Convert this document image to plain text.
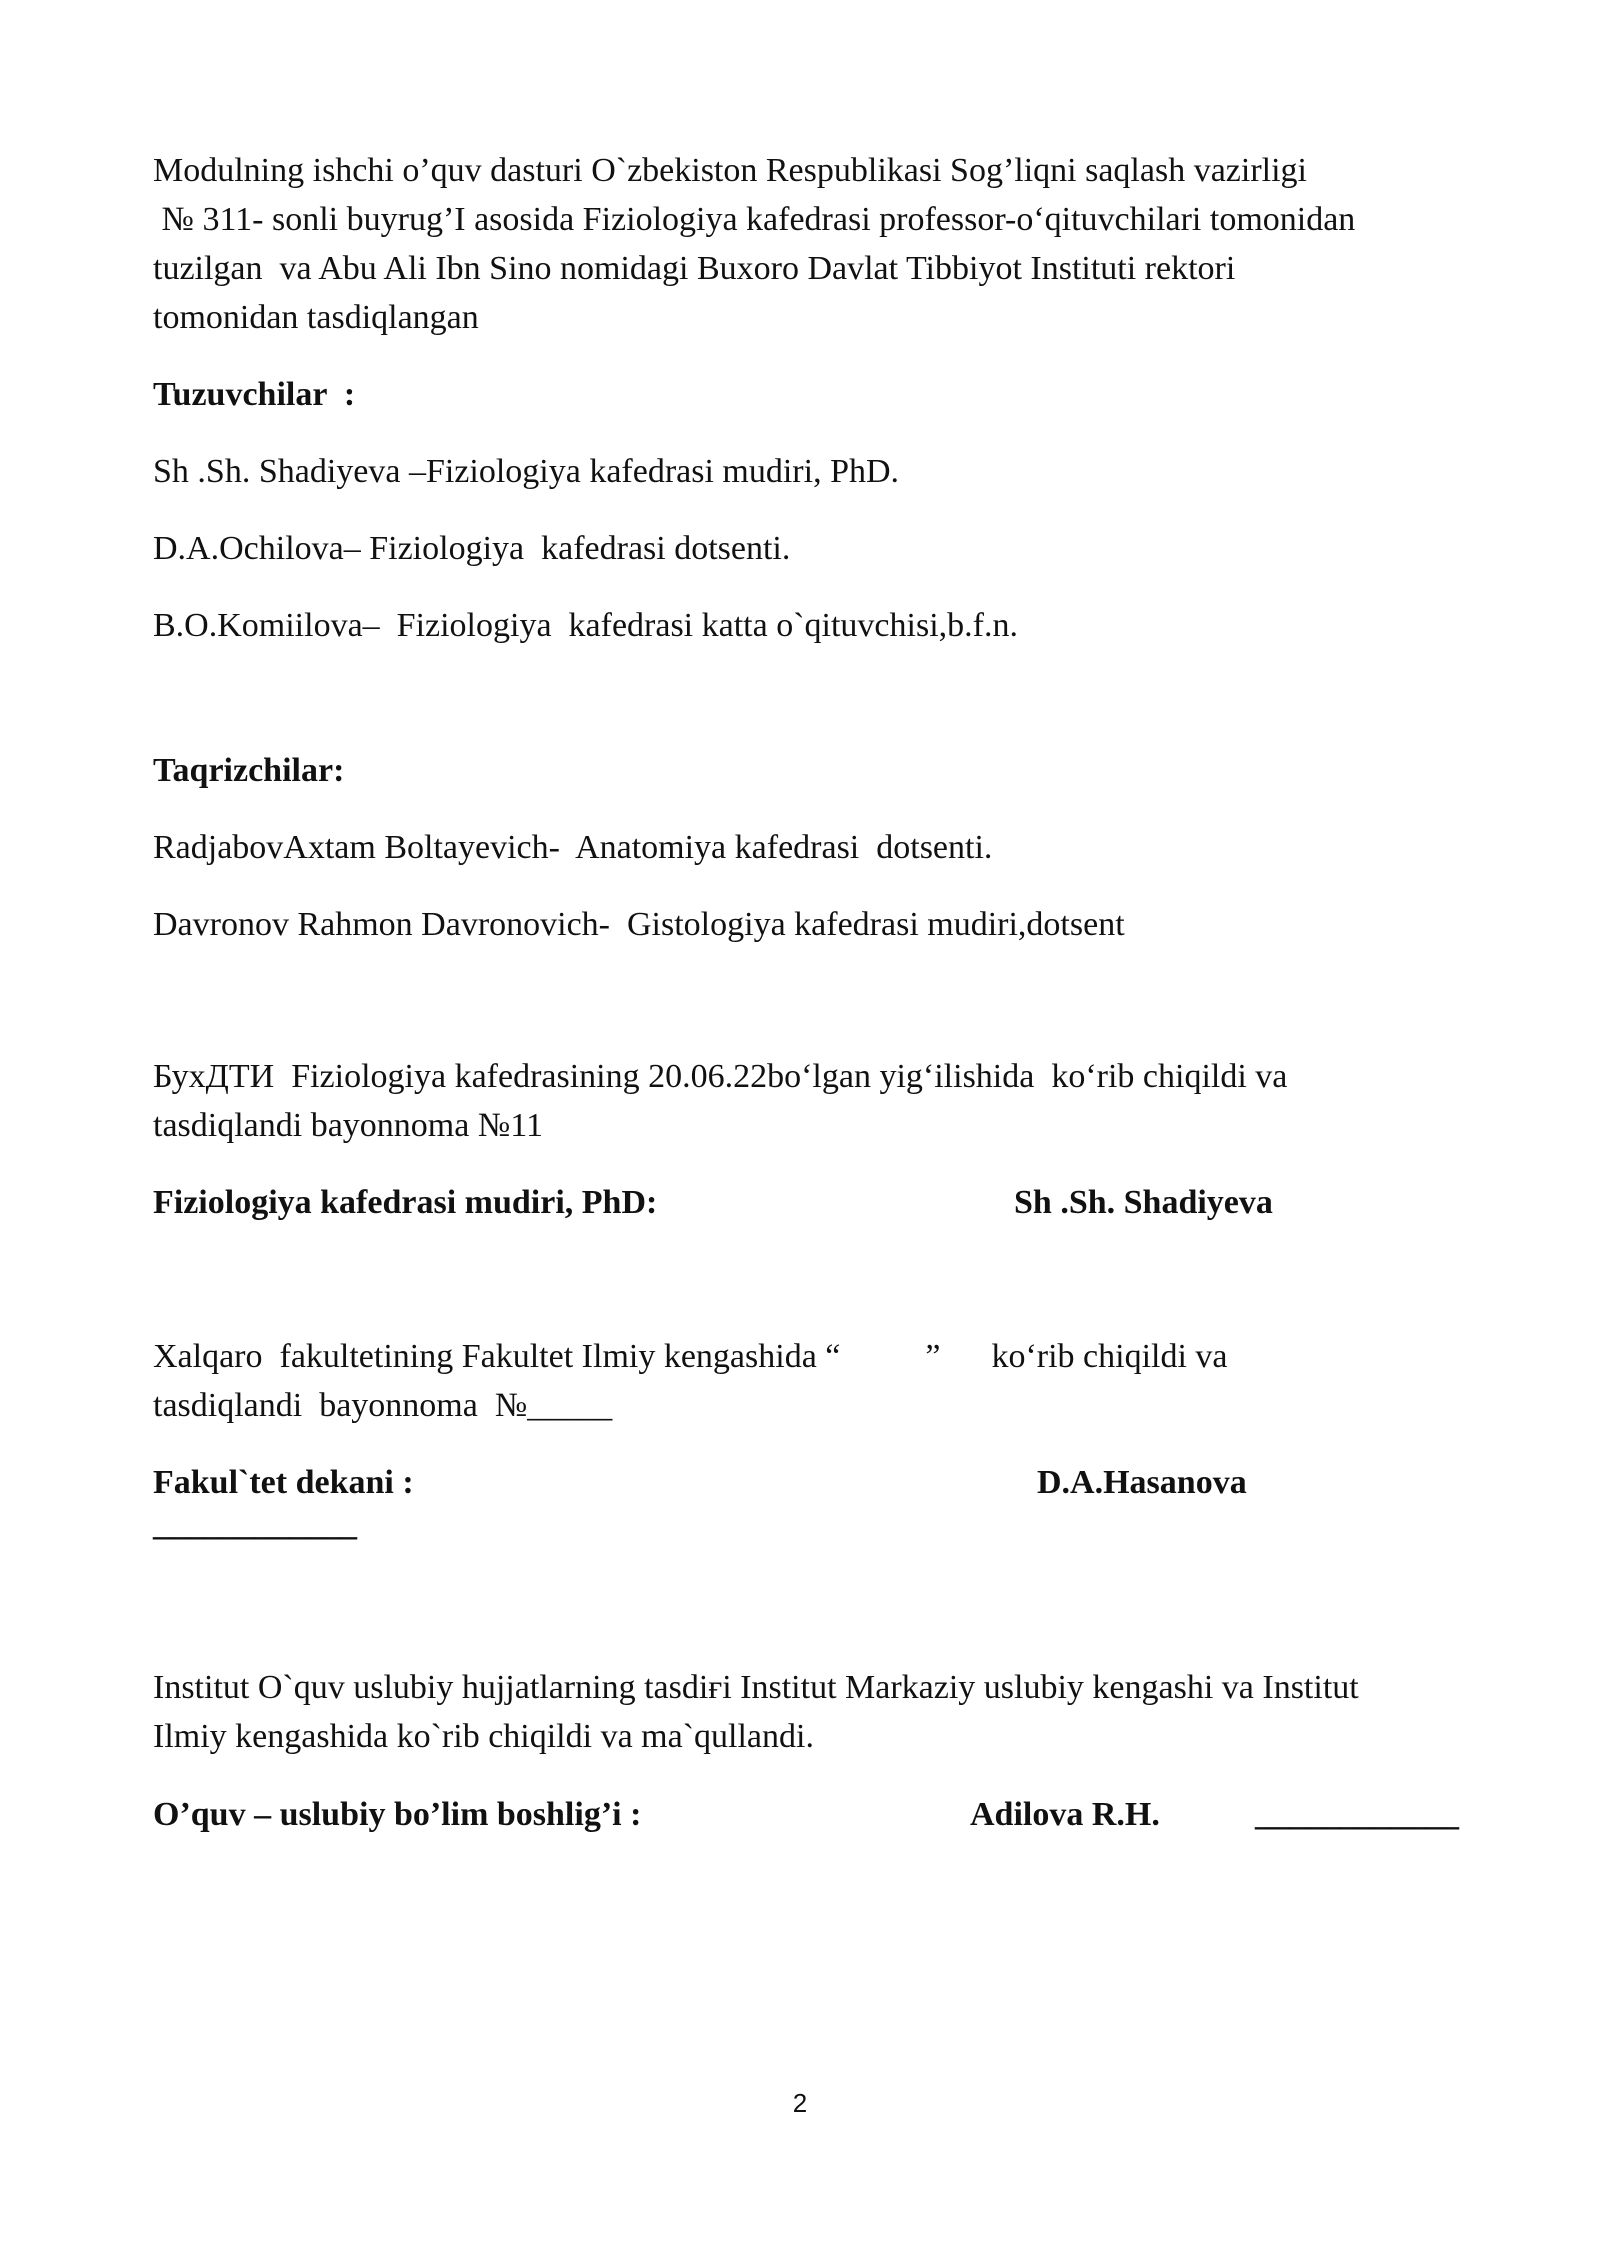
Modulning ishchi o’quv dasturi O`zbekiston Respublikasi Sog’liqni saqlash vazirligi
№ 311- sonli buyrug’I asosida Fiziologiya kafedrasi professor-o‘qituvchilari tomonidan
tuzilgan  va Abu Ali Ibn Sino nomidagi Buxoro Davlat Tibbiyot Instituti rektori
tomonidan tasdiqlangan
Tuzuvchilar  :
Sh .Sh. Shadiyeva –Fiziologiya kafedrasi mudiri, PhD.
D.A.Ochilova– Fiziologiya  kafedrasi dotsenti.
B.O.Komiilova–  Fiziologiya  kafedrasi katta o`qituvchisi,b.f.n.
Taqrizchilar:
RadjabovAxtam Boltayevich-  Anatomiya kafedrasi  dotsenti.
Davronov Rahmon Davronovich-  Gistologiya kafedrasi mudiri,dotsent
БухДТИ  Fiziologiya kafedrasining 20.06.22bo‘lgan yig‘ilishida  ko‘rib chiqildi va
tasdiqlandi bayonnoma №11
Fiziologiya kafedrasi mudiri, PhD:	Sh .Sh. Shadiyeva
Xalqaro  fakultetining Fakultet Ilmiy kengashida “          ”      ko‘rib chiqildi va
tasdiqlandi  bayonnoma  №_____
Fakul`tet dekani :	D.A.Hasanova
____________
Institut O`quv uslubiy hujjatlarning tasdiғi Institut Markaziy uslubiy kengashi va Institut
Ilmiy kengashida ko`rib chiqildi va ma`qullandi.
O’quv – uslubiy bo’lim boshlig’i :	Adilova R.H.	____________
2
